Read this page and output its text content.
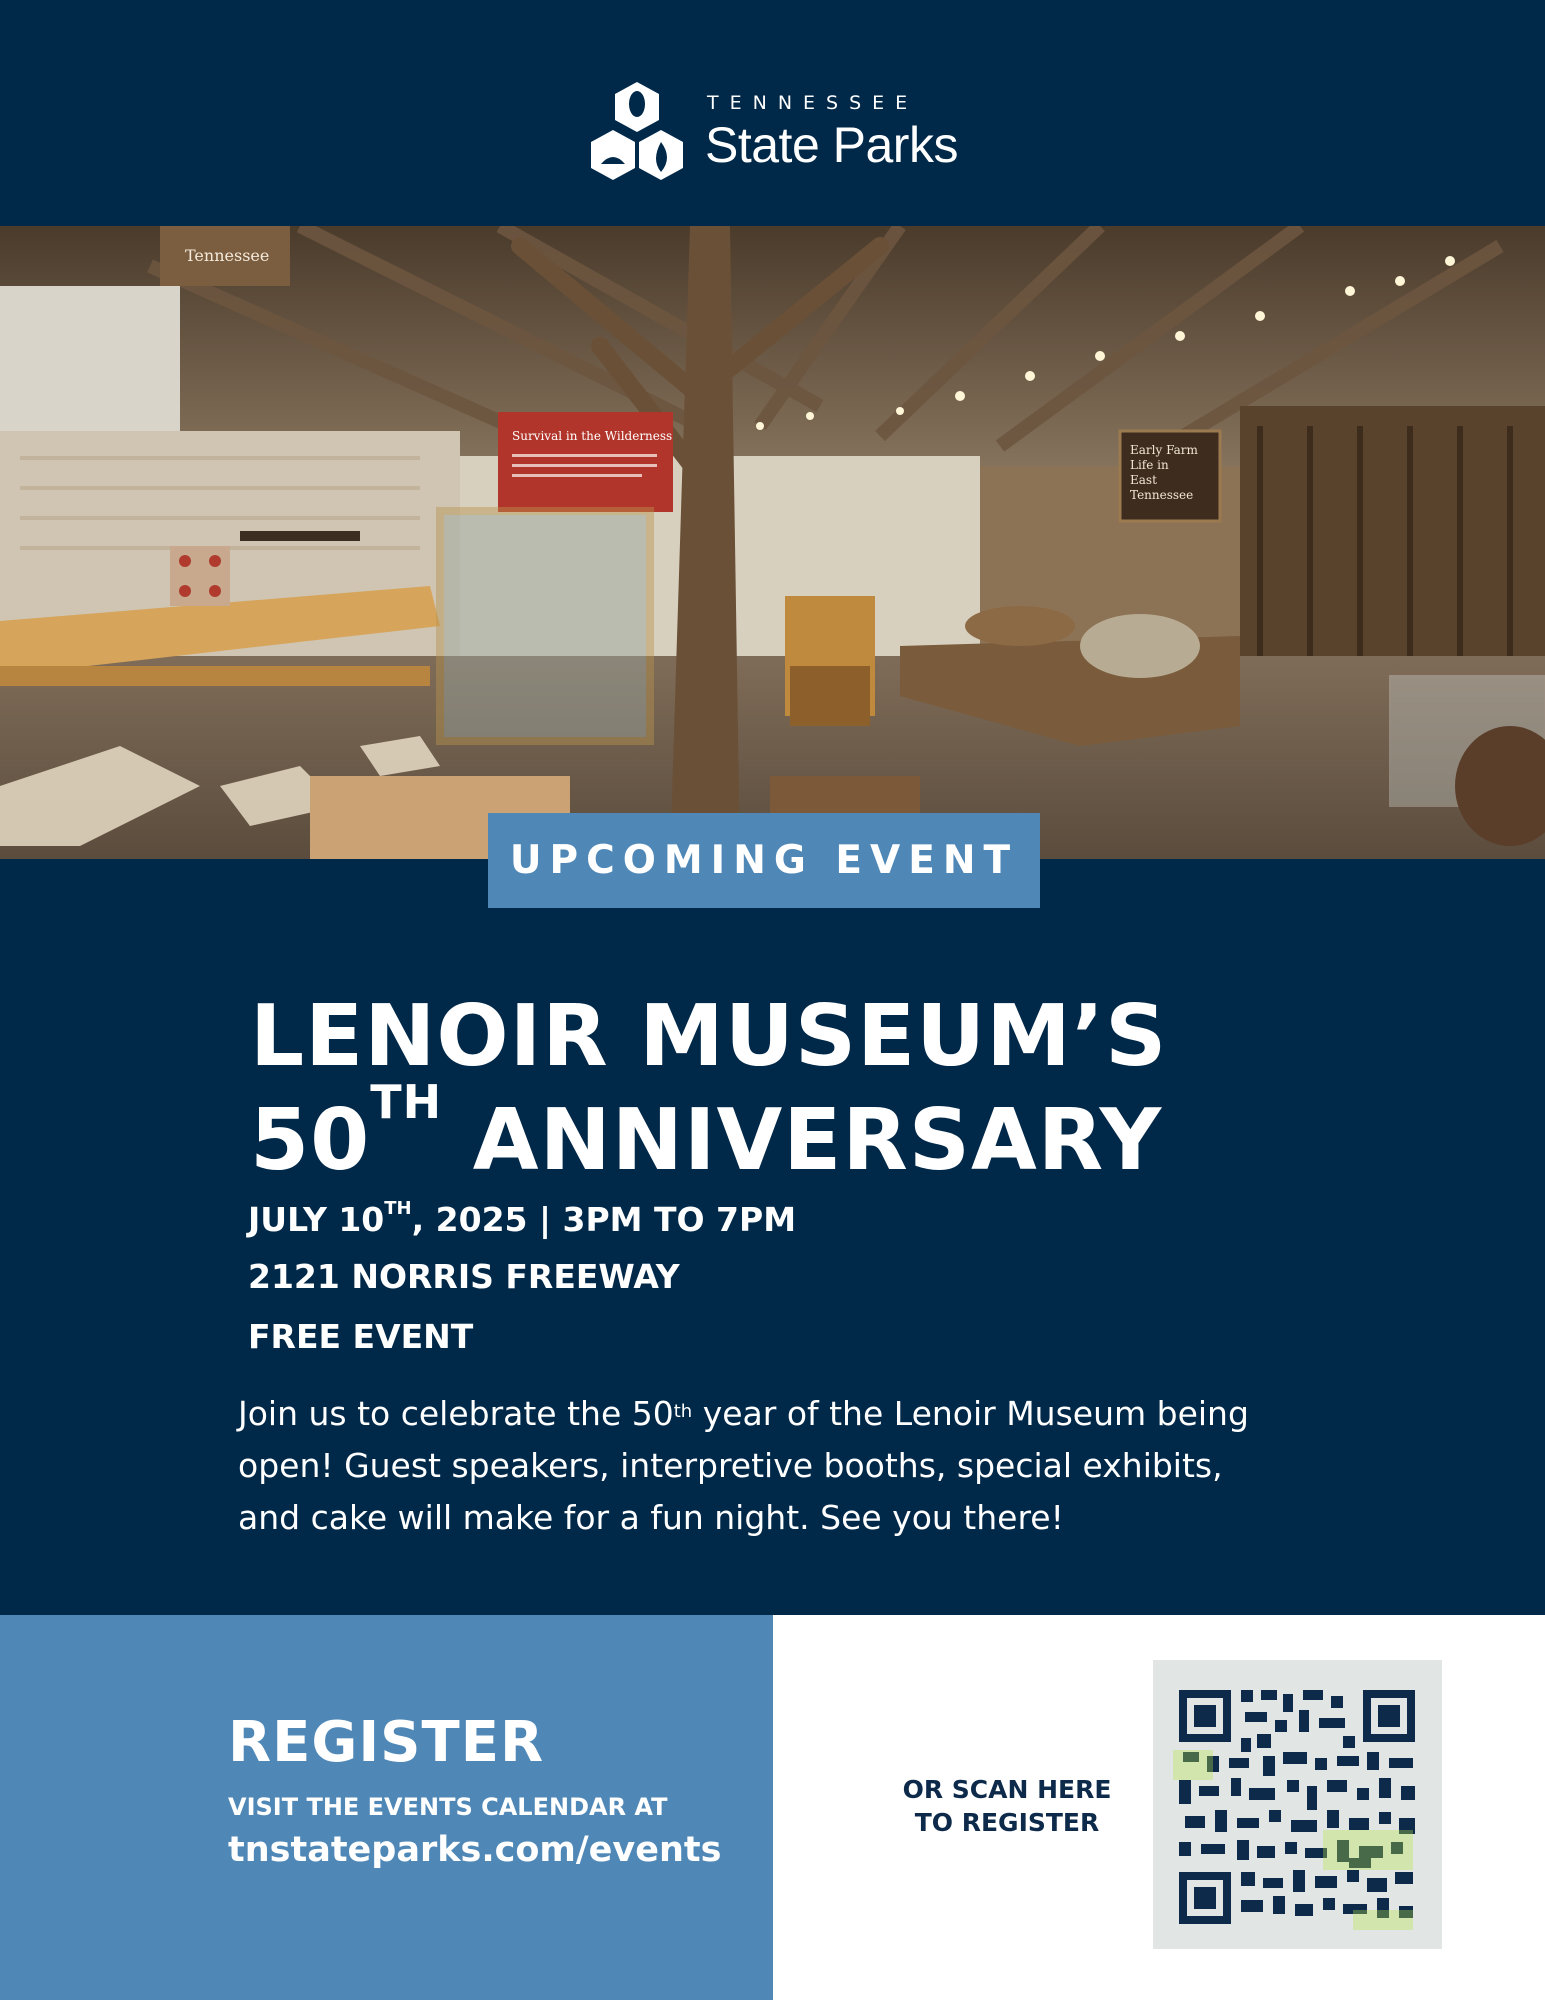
TENNESSEE
State Parks
Survival in the Wilderness
Early Farm
Life in
East
Tennessee
Tennessee
UPCOMING EVENT
LENOIR MUSEUM’S
50TH ANNIVERSARY
JULY 10TH, 2025 | 3PM TO 7PM
2121 NORRIS FREEWAY
FREE EVENT

Join us to celebrate the 50th year of the Lenoir Museum being

open! Guest speakers, interpretive booths, special exhibits,

and cake will make for a fun night. See you there!

REGISTER
VISIT THE EVENTS CALENDAR AT
tnstateparks.com/events
OR SCAN HERE
TO REGISTER
